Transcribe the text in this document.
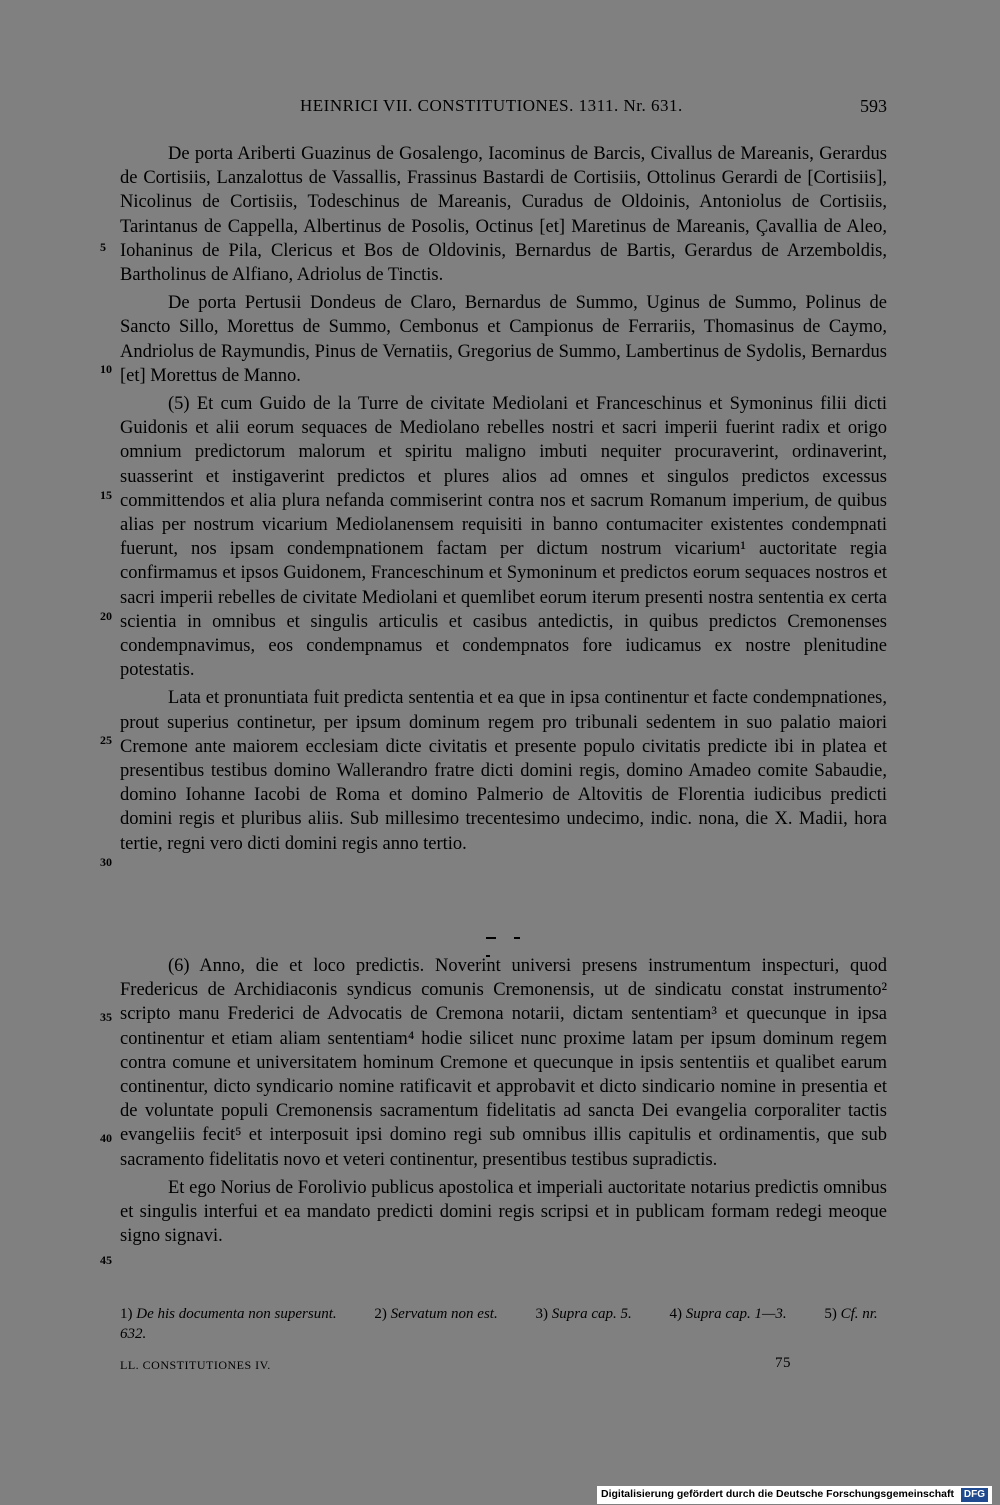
HEINRICI VII. CONSTITUTIONES. 1311. Nr. 631.	593
5
10
15
20
25
30
35
40
45

De porta Ariberti Guazinus de Gosalengo, Iacominus de Barcis, Civallus de Mareanis, Gerardus de Cortisiis, Lanzalottus de Vassallis, Frassinus Bastardi de Cortisiis, Ottolinus Gerardi de [Cortisiis], Nicolinus de Cortisiis, Todeschinus de Mareanis, Curadus de Oldoinis, Antoniolus de Cortisiis, Tarintanus de Cappella, Albertinus de Posolis, Octinus [et] Maretinus de Mareanis, Çavallia de Aleo, Iohaninus de Pila, Clericus et Bos de Oldovinis, Bernardus de Bartis, Gerardus de Arzemboldis, Bartholinus de Alfiano, Adriolus de Tinctis.

De porta Pertusii Dondeus de Claro, Bernardus de Summo, Uginus de Summo, Polinus de Sancto Sillo, Morettus de Summo, Cembonus et Campionus de Ferrariis, Thomasinus de Caymo, Andriolus de Raymundis, Pinus de Vernatiis, Gregorius de Summo, Lambertinus de Sydolis, Bernardus [et] Morettus de Manno.

(5) Et cum Guido de la Turre de civitate Mediolani et Franceschinus et Symoninus filii dicti Guidonis et alii eorum sequaces de Mediolano rebelles nostri et sacri imperii fuerint radix et origo omnium predictorum malorum et spiritu maligno imbuti nequiter procuraverint, ordinaverint, suasserint et instigaverint predictos et plures alios ad omnes et singulos predictos excessus committendos et alia plura nefanda commiserint contra nos et sacrum Romanum imperium, de quibus alias per nostrum vicarium Mediolanensem requisiti in banno contumaciter existentes condempnati fuerunt, nos ipsam condempnationem factam per dictum nostrum vicarium¹ auctoritate regia confirmamus et ipsos Guidonem, Franceschinum et Symoninum et predictos eorum sequaces nostros et sacri imperii rebelles de civitate Mediolani et quemlibet eorum iterum presenti nostra sententia ex certa scientia in omnibus et singulis articulis et casibus antedictis, in quibus predictos Cremonenses condempnavimus, eos condempnamus et condempnatos fore iudicamus ex nostre plenitudine potestatis.

Lata et pronuntiata fuit predicta sententia et ea que in ipsa continentur et facte condempnationes, prout superius continetur, per ipsum dominum regem pro tribunali sedentem in suo palatio maiori Cremone ante maiorem ecclesiam dicte civitatis et presente populo civitatis predicte ibi in platea et presentibus testibus domino Wallerandro fratre dicti domini regis, domino Amadeo comite Sabaudie, domino Iohanne Iacobi de Roma et domino Palmerio de Altovitis de Florentia iudicibus predicti domini regis et pluribus aliis. Sub millesimo trecentesimo undecimo, indic. nona, die X. Madii, hora tertie, regni vero dicti domini regis anno tertio.

(6) Anno, die et loco predictis. Noverint universi presens instrumentum inspecturi, quod Fredericus de Archidiaconis syndicus comunis Cremonensis, ut de sindicatu constat instrumento² scripto manu Frederici de Advocatis de Cremona notarii, dictam sententiam³ et quecunque in ipsa continentur et etiam aliam sententiam⁴ hodie silicet nunc proxime latam per ipsum dominum regem contra comune et universitatem hominum Cremone et quecunque in ipsis sententiis et qualibet earum continentur, dicto syndicario nomine ratificavit et approbavit et dicto sindicario nomine in presentia et de voluntate populi Cremonensis sacramentum fidelitatis ad sancta Dei evangelia corporaliter tactis evangeliis fecit⁵ et interposuit ipsi domino regi sub omnibus illis capitulis et ordinamentis, que sub sacramento fidelitatis novo et veteri continentur, presentibus testibus supradictis.

Et ego Norius de Forolivio publicus apostolica et imperiali auctoritate notarius predictis omnibus et singulis interfui et ea mandato predicti domini regis scripsi et in publicam formam redegi meoque signo signavi.

1) De his documenta non supersunt.	2) Servatum non est.	3) Supra cap. 5.	4) Supra cap. 1—3.	5) Cf. nr. 632.
LL. CONSTITUTIONES IV.	75
Digitalisierung gefördert durch die Deutsche Forschungsgemeinschaft DFG
